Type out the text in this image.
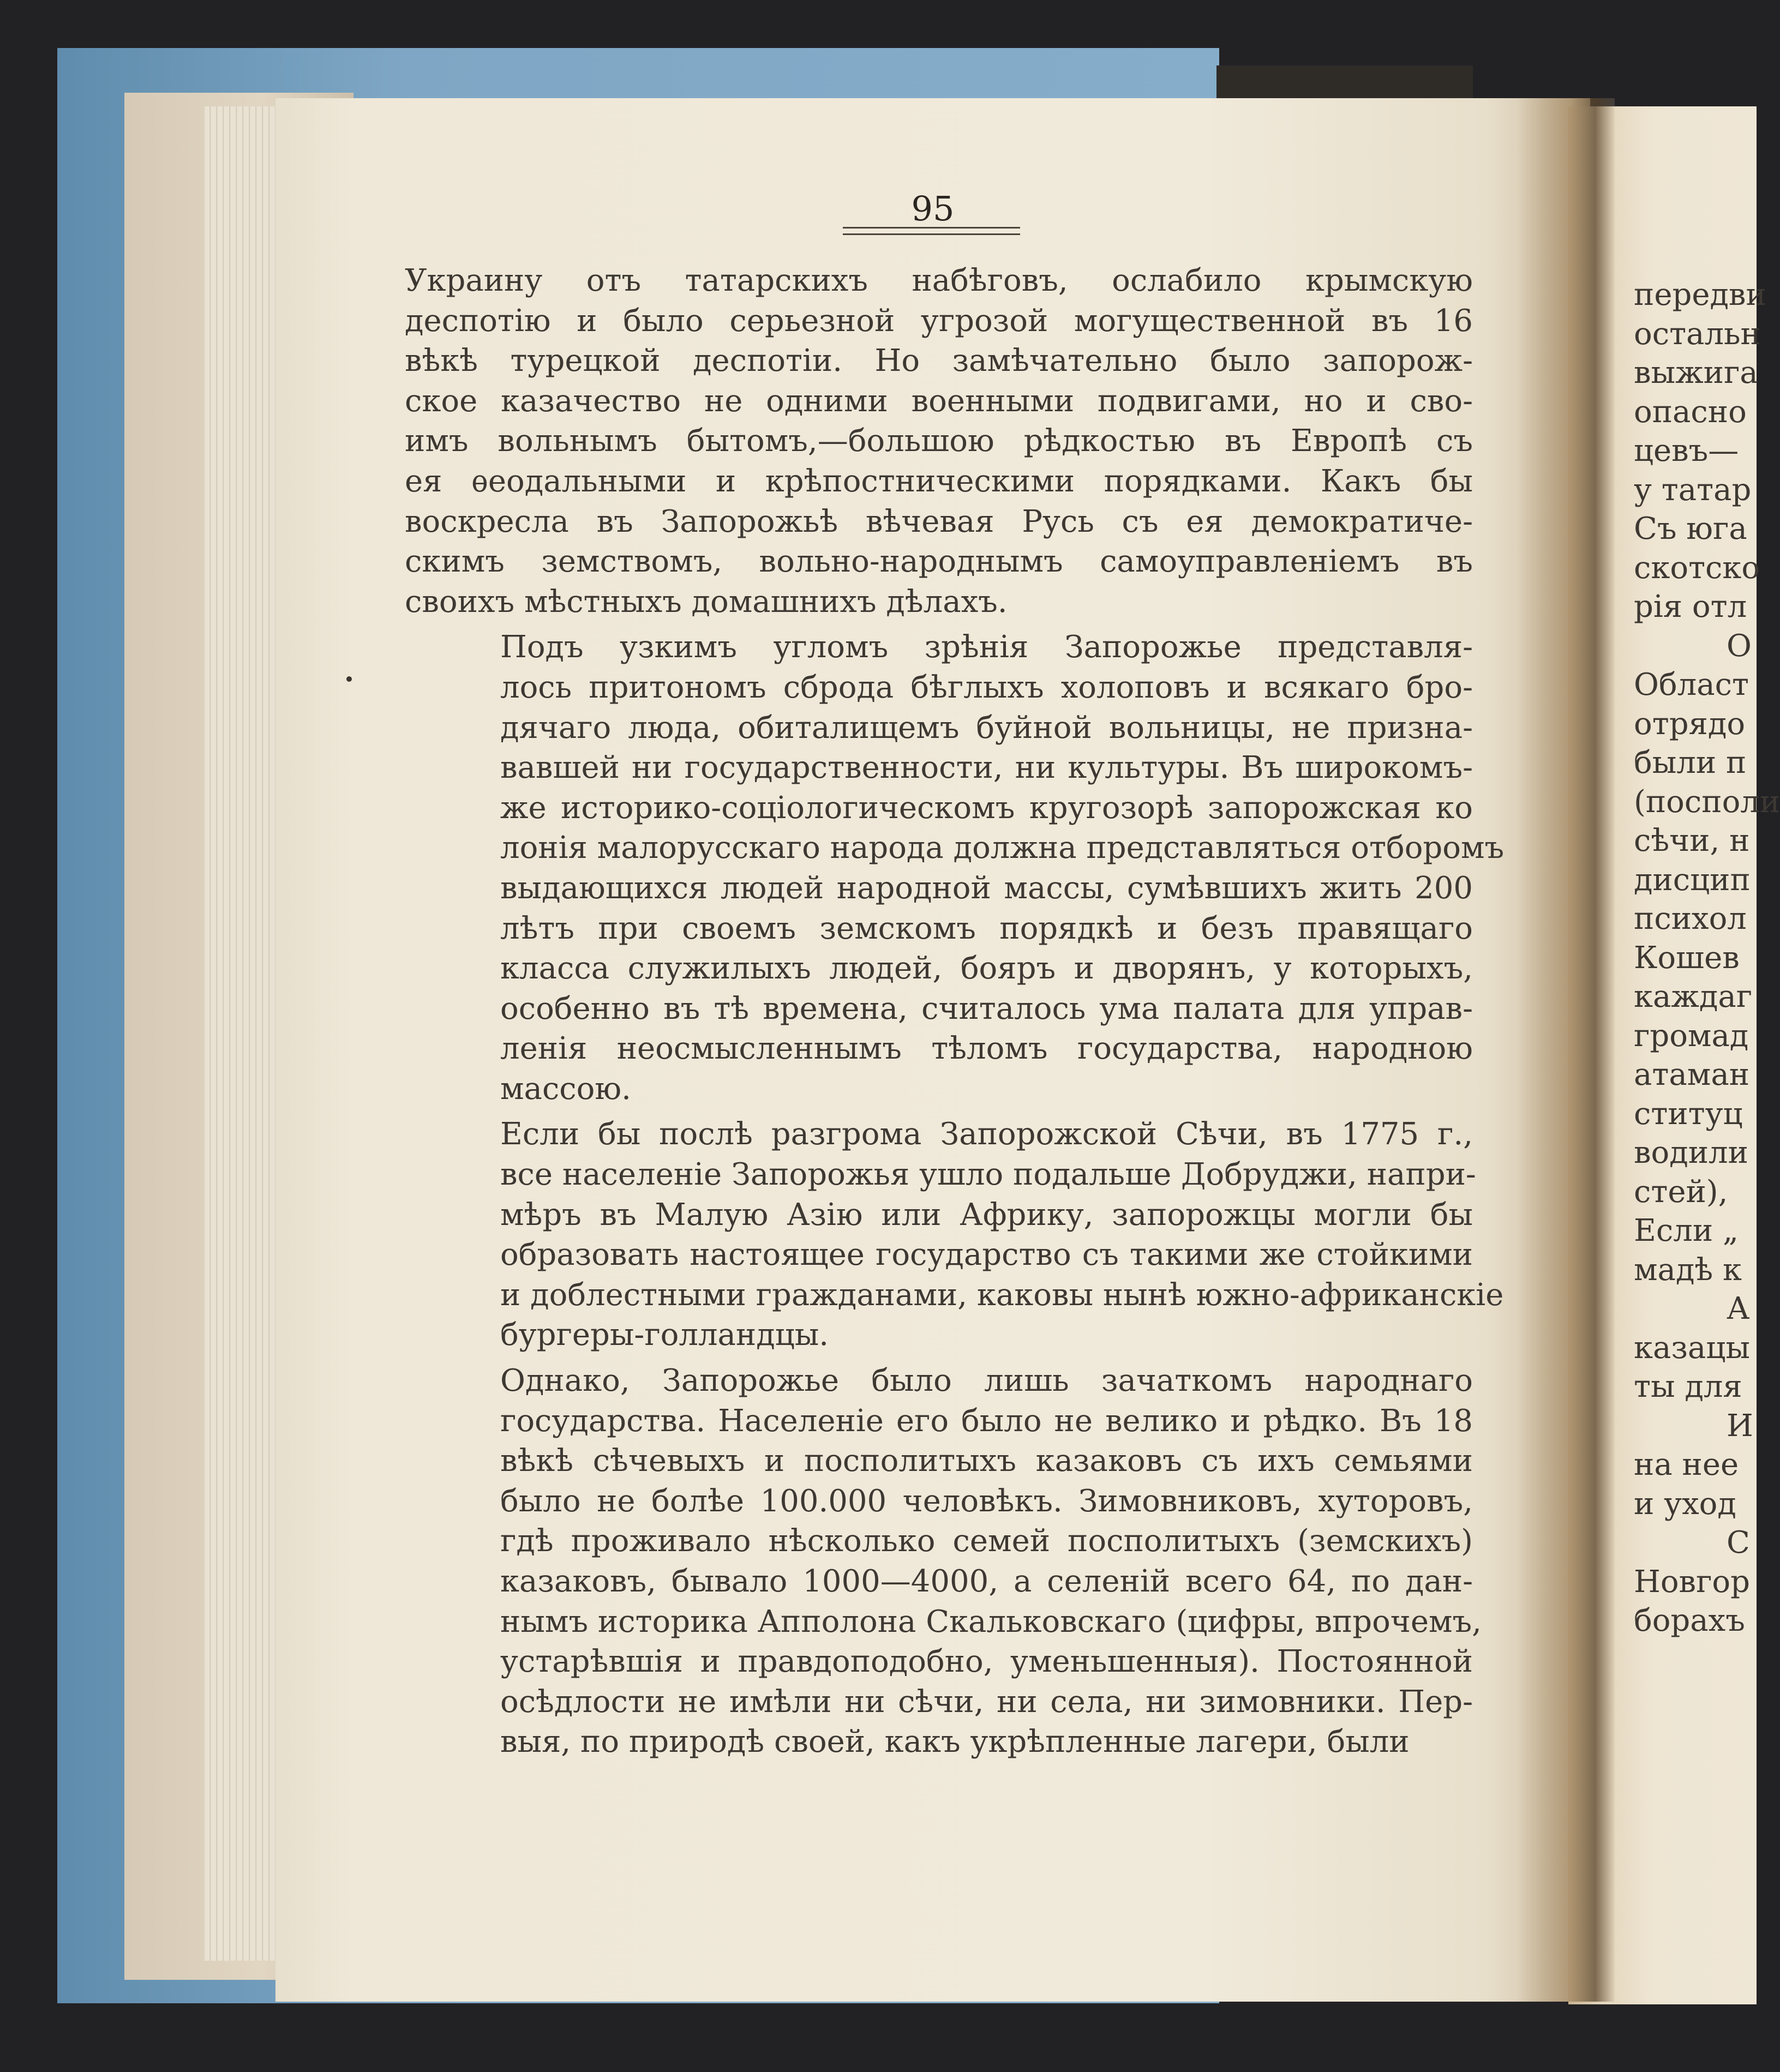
95

Украину отъ татарскихъ набѣговъ, ослабило крымскую
деспотію и было серьезной угрозой могущественной въ 16
вѣкѣ турецкой деспотіи. Но замѣчательно было запорож-
ское казачество не одними военными подвигами, но и сво-
имъ вольнымъ бытомъ,—большою рѣдкостью въ Европѣ съ
ея ѳеодальными и крѣпостническими порядками. Какъ бы
воскресла въ Запорожьѣ вѣчевая Русь съ ея демократиче-
скимъ земствомъ, вольно-народнымъ самоуправленіемъ въ
своихъ мѣстныхъ домашнихъ дѣлахъ.

Подъ узкимъ угломъ зрѣнія Запорожье представля-
лось притономъ сброда бѣглыхъ холоповъ и всякаго бро-
дячаго люда, обиталищемъ буйной вольницы, не призна-
вавшей ни государственности, ни культуры. Въ широкомъ-
же историко-соціологическомъ кругозорѣ запорожская ко
лонія малорусскаго народа должна представляться отборомъ
выдающихся людей народной массы, сумѣвшихъ жить 200
лѣтъ при своемъ земскомъ порядкѣ и безъ правящаго
класса служилыхъ людей, бояръ и дворянъ, у которыхъ,
особенно въ тѣ времена, считалось ума палата для управ-
ленія неосмысленнымъ тѣломъ государства, народною
массою.

Если бы послѣ разгрома Запорожской Сѣчи, въ 1775 г.,
все населеніе Запорожья ушло подальше Добруджи, напри-
мѣръ въ Малую Азію или Африку, запорожцы могли бы
образовать настоящее государство съ такими же стойкими
и доблестными гражданами, каковы нынѣ южно-африканскіе
бургеры-голландцы.

Однако, Запорожье было лишь зачаткомъ народнаго
государства. Населеніе его было не велико и рѣдко. Въ 18
вѣкѣ сѣчевыхъ и посполитыхъ казаковъ съ ихъ семьями
было не болѣе 100.000 человѣкъ. Зимовниковъ, хуторовъ,
гдѣ проживало нѣсколько семей посполитыхъ (земскихъ)
казаковъ, бывало 1000—4000, а селеній всего 64, по дан-
нымъ историка Апполона Скальковскаго (цифры, впрочемъ,
устарѣвшія и правдоподобно, уменьшенныя). Постоянной
осѣдлости не имѣли ни сѣчи, ни села, ни зимовники. Пер-
выя, по природѣ своей, какъ укрѣпленные лагери, были

передви
остальн
выжига
опасно
цевъ—
у татар
Съ юга
скотско
рія отл
О
Област
отрядо
были п
(посполи
сѣчи, н
дисцип
психол
Кошев
каждаг
громад
атаман
ституц
водили
стей),
Если „
мадѣ к
А
казацы
ты для
И
на нее
и уход
С
Новгор
борахъ
